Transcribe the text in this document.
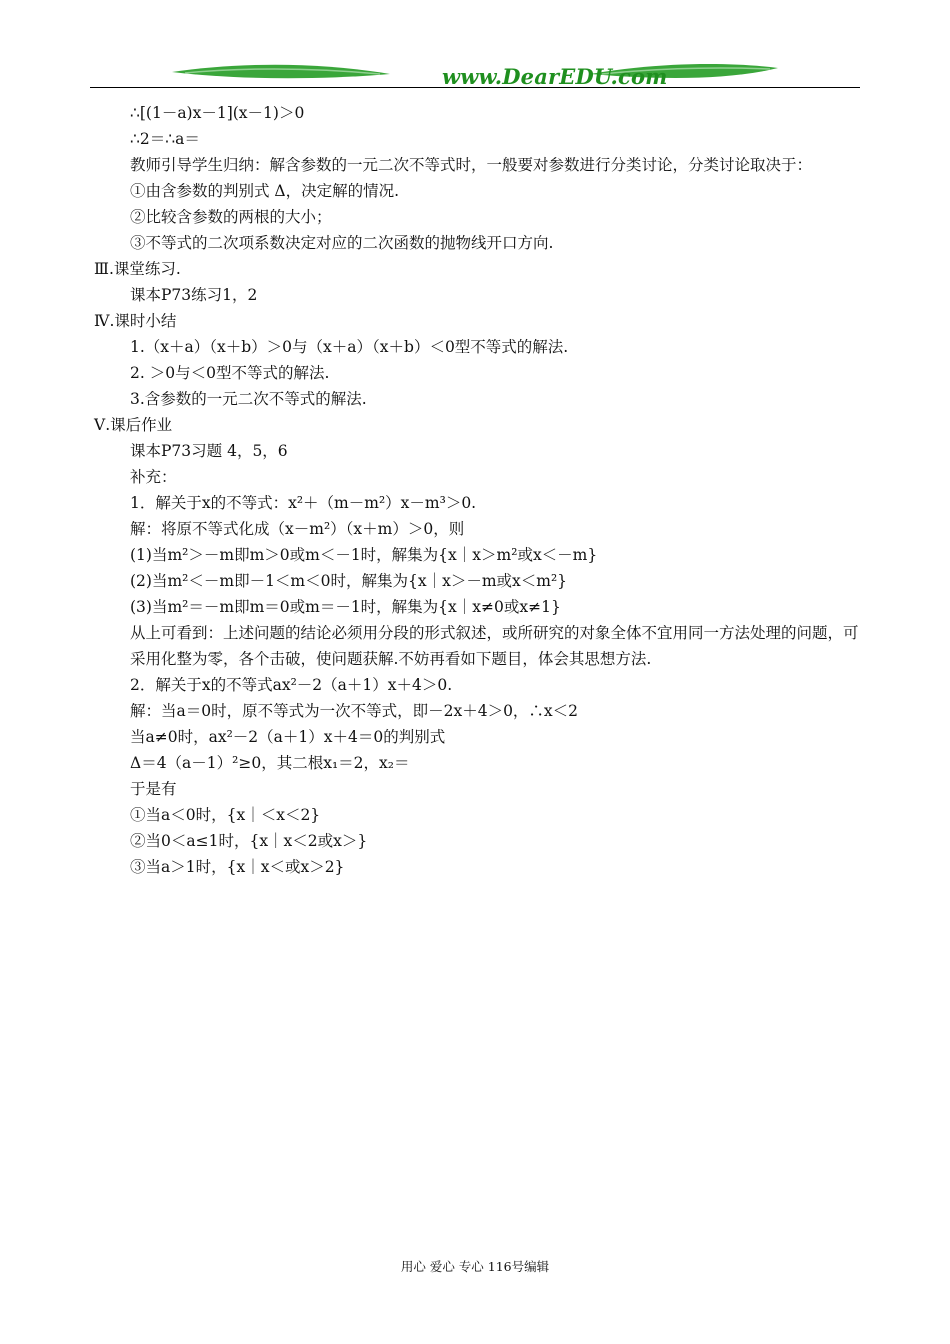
www.DearEDU.com
∴[(1－a)x－1](x－1)＞0
∴2＝∴a＝
教师引导学生归纳：解含参数的一元二次不等式时，一般要对参数进行分类讨论，分类讨论取决于：
①由含参数的判别式 Δ，决定解的情况.
②比较含参数的两根的大小；
③不等式的二次项系数决定对应的二次函数的抛物线开口方向.
Ⅲ.课堂练习.
课本P73练习1，2
Ⅳ.课时小结
1.（x＋a）（x＋b）＞0与（x＋a）（x＋b）＜0型不等式的解法.
2. ＞0与＜0型不等式的解法.
3.含参数的一元二次不等式的解法.
Ⅴ.课后作业
课本P73习题 4，5，6
补充：
1．解关于x的不等式：x²＋（m－m²）x－m³＞0.
解：将原不等式化成（x－m²）（x＋m）＞0，则
(1)当m²＞－m即m＞0或m＜－1时，解集为{x｜x＞m²或x＜－m}
(2)当m²＜－m即－1＜m＜0时，解集为{x｜x＞－m或x＜m²}
(3)当m²＝－m即m＝0或m＝－1时，解集为{x｜x≠0或x≠1}
从上可看到：上述问题的结论必须用分段的形式叙述，或所研究的对象全体不宜用同一方法处理的问题，可采用化整为零，各个击破，使问题获解.不妨再看如下题目，体会其思想方法.
2．解关于x的不等式ax²－2（a＋1）x＋4＞0.
解：当a＝0时，原不等式为一次不等式，即－2x＋4＞0，∴x＜2
当a≠0时，ax²－2（a＋1）x＋4＝0的判别式
Δ＝4（a－1）²≥0，其二根x₁＝2，x₂＝
于是有
①当a＜0时，{x｜＜x＜2}
②当0＜a≤1时，{x｜x＜2或x＞}
③当a＞1时，{x｜x＜或x＞2}
用心 爱心 专心 116号编辑
